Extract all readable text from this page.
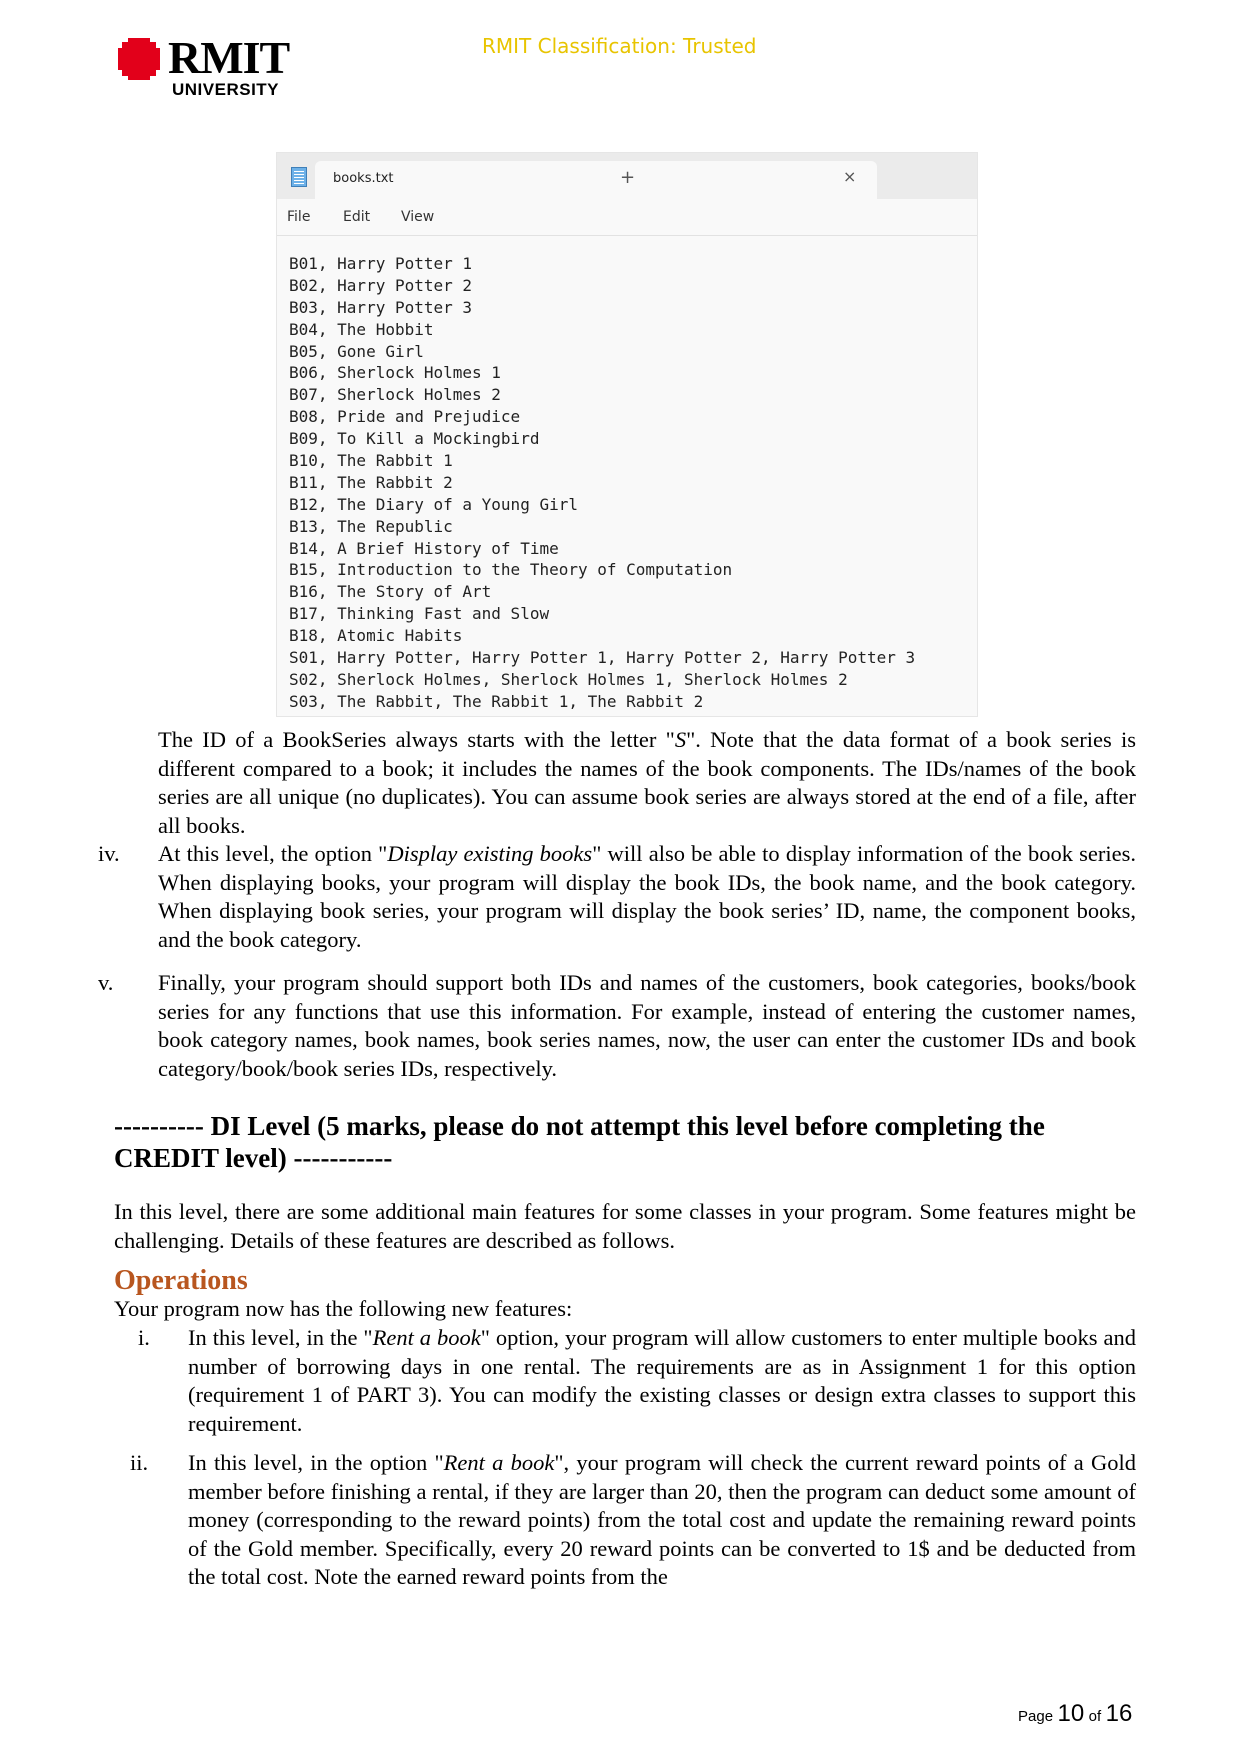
RMIT
UNIVERSITY
RMIT Classification: Trusted
books.txt	×
+
File Edit View
B01, Harry Potter 1
B02, Harry Potter 2
B03, Harry Potter 3
B04, The Hobbit
B05, Gone Girl
B06, Sherlock Holmes 1
B07, Sherlock Holmes 2
B08, Pride and Prejudice
B09, To Kill a Mockingbird
B10, The Rabbit 1
B11, The Rabbit 2
B12, The Diary of a Young Girl
B13, The Republic
B14, A Brief History of Time
B15, Introduction to the Theory of Computation
B16, The Story of Art
B17, Thinking Fast and Slow
B18, Atomic Habits
S01, Harry Potter, Harry Potter 1, Harry Potter 2, Harry Potter 3
S02, Sherlock Holmes, Sherlock Holmes 1, Sherlock Holmes 2
S03, The Rabbit, The Rabbit 1, The Rabbit 2
The ID of a BookSeries always starts with the letter "S". Note that the data format of a book series is different compared to a book; it includes the names of the book components. The IDs/names of the book series are all unique (no duplicates). You can assume book series are always stored at the end of a file, after all books.
iv. At this level, the option "Display existing books" will also be able to display information of the book series. When displaying books, your program will display the book IDs, the book name, and the book category. When displaying book series, your program will display the book series’ ID, name, the component books, and the book category.
v. Finally, your program should support both IDs and names of the customers, book categories, books/book series for any functions that use this information. For example, instead of entering the customer names, book category names, book names, book series names, now, the user can enter the customer IDs and book category/book/book series IDs, respectively.
---------- DI Level (5 marks, please do not attempt this level before completing the CREDIT level) -----------
In this level, there are some additional main features for some classes in your program. Some features might be challenging. Details of these features are described as follows.
Operations
Your program now has the following new features:
i. In this level, in the "Rent a book" option, your program will allow customers to enter multiple books and number of borrowing days in one rental. The requirements are as in Assignment 1 for this option (requirement 1 of PART 3). You can modify the existing classes or design extra classes to support this requirement.
ii. In this level, in the option "Rent a book", your program will check the current reward points of a Gold member before finishing a rental, if they are larger than 20, then the program can deduct some amount of money (corresponding to the reward points) from the total cost and update the remaining reward points of the Gold member. Specifically, every 20 reward points can be converted to 1$ and be deducted from the total cost. Note the earned reward points from the
Page 10 of 16
